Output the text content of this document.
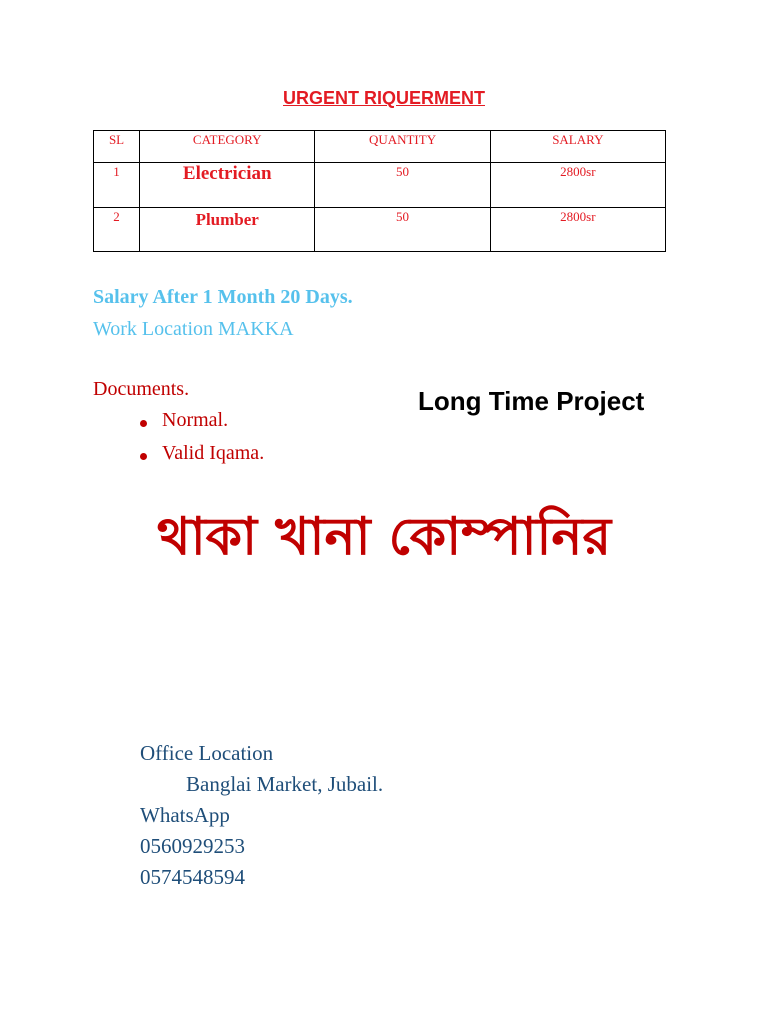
URGENT RIQUERMENT
SL	CATEGORY	QUANTITY	SALARY
1	Electrician	50	2800sr
2	Plumber	50	2800sr
Salary After 1 Month 20 Days.
Work Location MAKKA
Documents.
Normal.
Valid Iqama.
Long Time Project
থাকা খানা কোম্পানির
Office Location
Banglai Market, Jubail.
WhatsApp
0560929253
0574548594
